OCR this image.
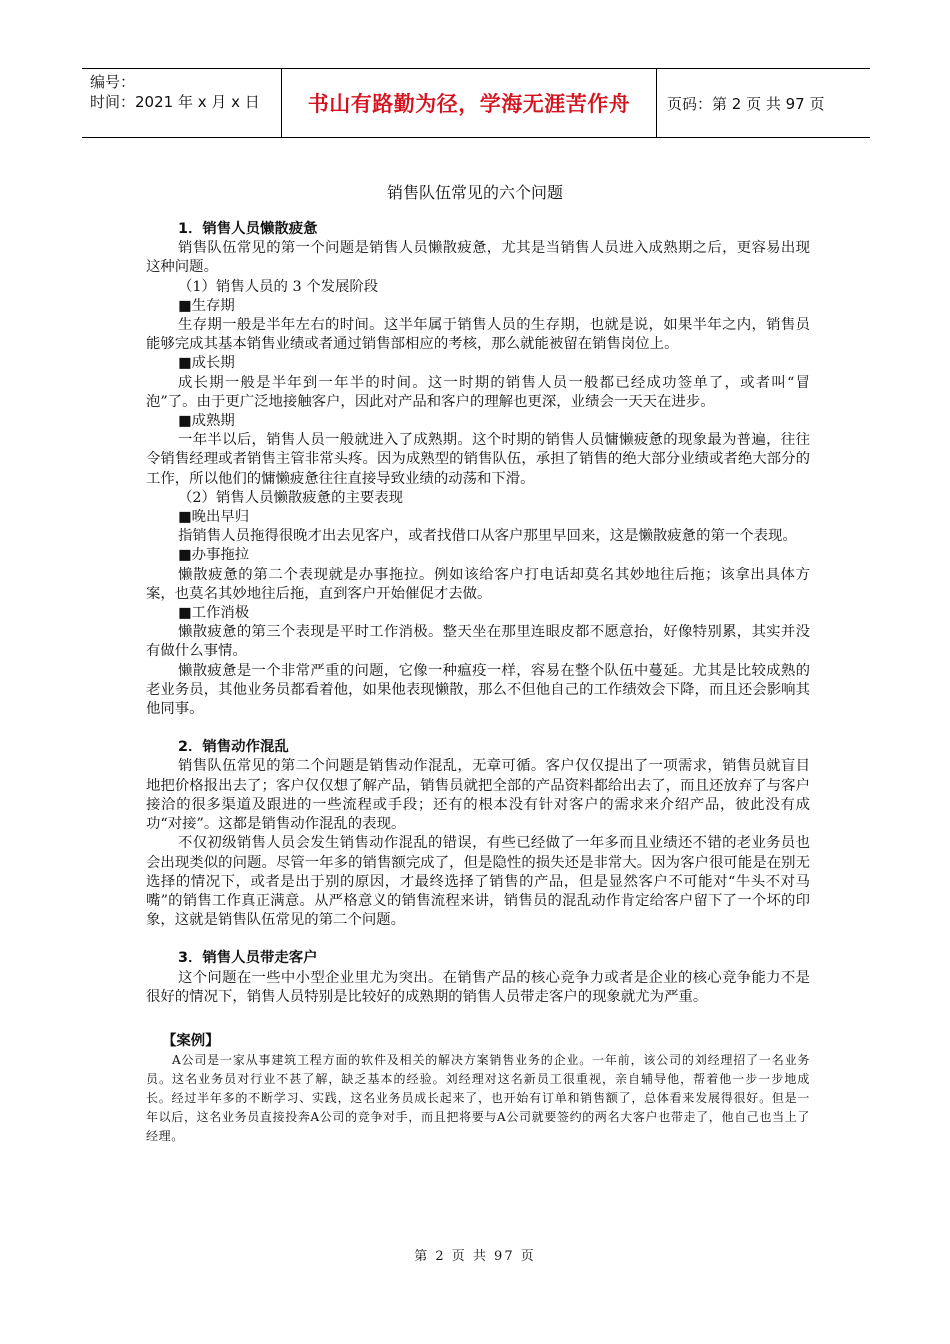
编号：
时间：2021 年 x 月 x 日	书山有路勤为径，学海无涯苦作舟	页码：第 2 页 共 97 页
销售队伍常见的六个问题

1．销售人员懒散疲惫

销售队伍常见的第一个问题是销售人员懒散疲惫，尤其是当销售人员进入成熟期之后，更容易出现这种问题。

（1）销售人员的 3 个发展阶段

■生存期

生存期一般是半年左右的时间。这半年属于销售人员的生存期，也就是说，如果半年之内，销售员能够完成其基本销售业绩或者通过销售部相应的考核，那么就能被留在销售岗位上。

■成长期

成长期一般是半年到一年半的时间。这一时期的销售人员一般都已经成功签单了，或者叫“冒泡”了。由于更广泛地接触客户，因此对产品和客户的理解也更深，业绩会一天天在进步。

■成熟期

一年半以后，销售人员一般就进入了成熟期。这个时期的销售人员慵懒疲惫的现象最为普遍，往往令销售经理或者销售主管非常头疼。因为成熟型的销售队伍，承担了销售的绝大部分业绩或者绝大部分的工作，所以他们的慵懒疲惫往往直接导致业绩的动荡和下滑。

（2）销售人员懒散疲惫的主要表现

■晚出早归

指销售人员拖得很晚才出去见客户，或者找借口从客户那里早回来，这是懒散疲惫的第一个表现。

■办事拖拉

懒散疲惫的第二个表现就是办事拖拉。例如该给客户打电话却莫名其妙地往后拖；该拿出具体方案，也莫名其妙地往后拖，直到客户开始催促才去做。

■工作消极

懒散疲惫的第三个表现是平时工作消极。整天坐在那里连眼皮都不愿意抬，好像特别累，其实并没有做什么事情。

懒散疲惫是一个非常严重的问题，它像一种瘟疫一样，容易在整个队伍中蔓延。尤其是比较成熟的老业务员，其他业务员都看着他，如果他表现懒散，那么不但他自己的工作绩效会下降，而且还会影响其他同事。

2．销售动作混乱

销售队伍常见的第二个问题是销售动作混乱，无章可循。客户仅仅提出了一项需求，销售员就盲目地把价格报出去了；客户仅仅想了解产品，销售员就把全部的产品资料都给出去了，而且还放弃了与客户接洽的很多渠道及跟进的一些流程或手段；还有的根本没有针对客户的需求来介绍产品，彼此没有成功“对接”。这都是销售动作混乱的表现。

不仅初级销售人员会发生销售动作混乱的错误，有些已经做了一年多而且业绩还不错的老业务员也会出现类似的问题。尽管一年多的销售额完成了，但是隐性的损失还是非常大。因为客户很可能是在别无选择的情况下，或者是出于别的原因，才最终选择了销售的产品，但是显然客户不可能对“牛头不对马嘴”的销售工作真正满意。从严格意义的销售流程来讲，销售员的混乱动作肯定给客户留下了一个坏的印象，这就是销售队伍常见的第二个问题。

3．销售人员带走客户

这个问题在一些中小型企业里尤为突出。在销售产品的核心竞争力或者是企业的核心竞争能力不是很好的情况下，销售人员特别是比较好的成熟期的销售人员带走客户的现象就尤为严重。

【案例】

A公司是一家从事建筑工程方面的软件及相关的解决方案销售业务的企业。一年前，该公司的刘经理招了一名业务员。这名业务员对行业不甚了解，缺乏基本的经验。刘经理对这名新员工很重视，亲自辅导他，帮着他一步一步地成长。经过半年多的不断学习、实践，这名业务员成长起来了，也开始有订单和销售额了，总体看来发展得很好。但是一年以后，这名业务员直接投奔A公司的竞争对手，而且把将要与A公司就要签约的两名大客户也带走了，他自己也当上了经理。

第 2 页 共 97 页
